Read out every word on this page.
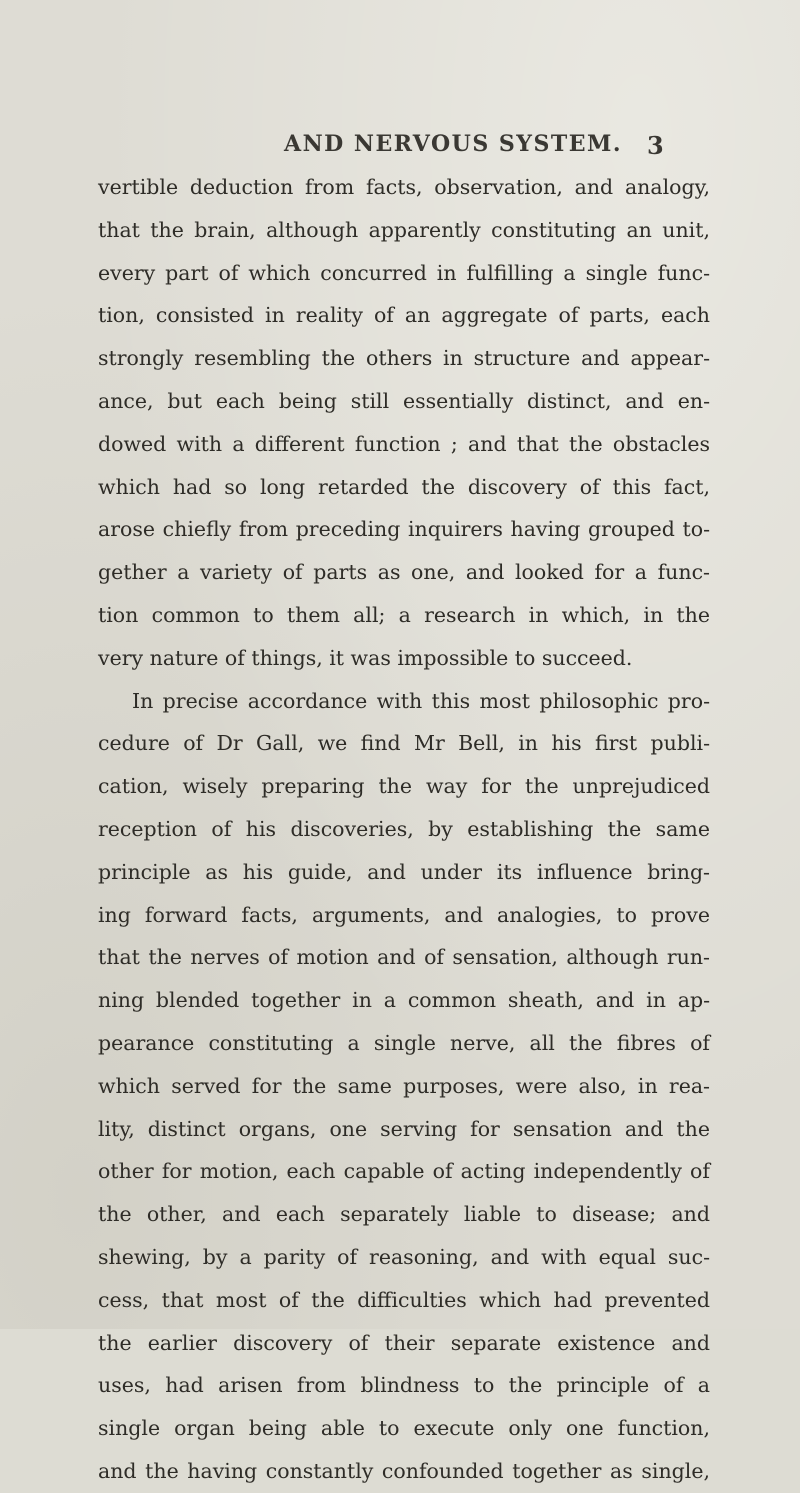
AND NERVOUS SYSTEM. 3
vertible deduction from facts, observation, and analogy,
that the brain, although apparently constituting an unit,
every part of which concurred in fulfilling a single func-
tion, consisted in reality of an aggregate of parts, each
strongly resembling the others in structure and appear-
ance, but each being still essentially distinct, and en-
dowed with a different function ; and that the obstacles
which had so long retarded the discovery of this fact,
arose chiefly from preceding inquirers having grouped to-
gether a variety of parts as one, and looked for a func-
tion common to them all; a research in which, in the
very nature of things, it was impossible to succeed.
In precise accordance with this most philosophic pro-
cedure of Dr Gall, we find Mr Bell, in his first publi-
cation, wisely preparing the way for the unprejudiced
reception of his discoveries, by establishing the same
principle as his guide, and under its influence bring-
ing forward facts, arguments, and analogies, to prove
that the nerves of motion and of sensation, although run-
ning blended together in a common sheath, and in ap-
pearance constituting a single nerve, all the fibres of
which served for the same purposes, were also, in rea-
lity, distinct organs, one serving for sensation and the
other for motion, each capable of acting independently of
the other, and each separately liable to disease; and
shewing, by a parity of reasoning, and with equal suc-
cess, that most of the difficulties which had prevented
the earlier discovery of their separate existence and
uses, had arisen from blindness to the principle of a
single organ being able to execute only one function,
and the having constantly confounded together as single,
